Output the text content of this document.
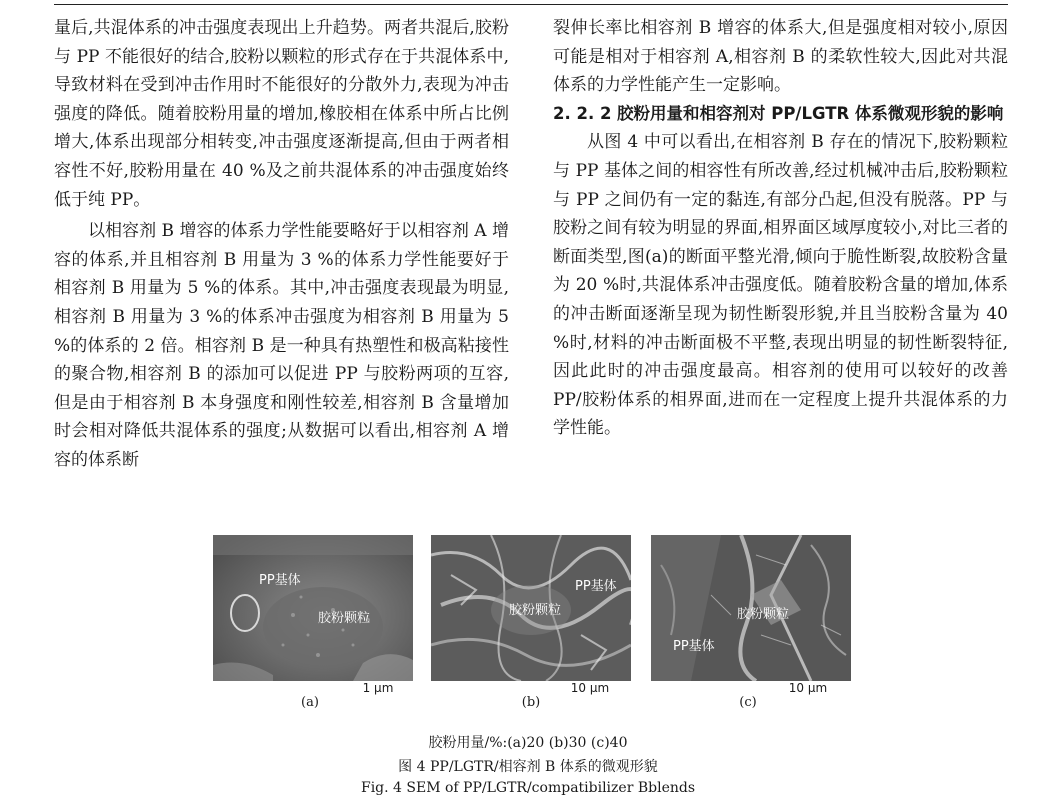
量后,共混体系的冲击强度表现出上升趋势。两者共混后,胶粉与 PP 不能很好的结合,胶粉以颗粒的形式存在于共混体系中,导致材料在受到冲击作用时不能很好的分散外力,表现为冲击强度的降低。随着胶粉用量的增加,橡胶相在体系中所占比例增大,体系出现部分相转变,冲击强度逐渐提高,但由于两者相容性不好,胶粉用量在 40 %及之前共混体系的冲击强度始终低于纯 PP。

以相容剂 B 增容的体系力学性能要略好于以相容剂 A 增容的体系,并且相容剂 B 用量为 3 %的体系力学性能要好于相容剂 B 用量为 5 %的体系。其中,冲击强度表现最为明显,相容剂 B 用量为 3 %的体系冲击强度为相容剂 B 用量为 5 %的体系的 2 倍。相容剂 B 是一种具有热塑性和极高粘接性的聚合物,相容剂 B 的添加可以促进 PP 与胶粉两项的互容,但是由于相容剂 B 本身强度和刚性较差,相容剂 B 含量增加时会相对降低共混体系的强度;从数据可以看出,相容剂 A 增容的体系断

裂伸长率比相容剂 B 增容的体系大,但是强度相对较小,原因可能是相对于相容剂 A,相容剂 B 的柔软性较大,因此对共混体系的力学性能产生一定影响。

2. 2. 2 胶粉用量和相容剂对 PP/LGTR 体系微观形貌的影响

从图 4 中可以看出,在相容剂 B 存在的情况下,胶粉颗粒与 PP 基体之间的相容性有所改善,经过机械冲击后,胶粉颗粒与 PP 之间仍有一定的黏连,有部分凸起,但没有脱落。PP 与胶粉之间有较为明显的界面,相界面区域厚度较小,对比三者的断面类型,图(a)的断面平整光滑,倾向于脆性断裂,故胶粉含量为 20 %时,共混体系冲击强度低。随着胶粉含量的增加,体系的冲击断面逐渐呈现为韧性断裂形貌,并且当胶粉含量为 40 %时,材料的冲击断面极不平整,表现出明显的韧性断裂特征,因此此时的冲击强度最高。相容剂的使用可以较好的改善 PP/胶粉体系的相界面,进而在一定程度上提升共混体系的力学性能。

PP基体
胶粉颗粒
1 μm
(a)
PP基体
胶粉颗粒
10 μm
(b)
胶粉颗粒
PP基体
10 μm
(c)
胶粉用量/%:(a)20 (b)30 (c)40
图 4 PP/LGTR/相容剂 B 体系的微观形貌
Fig. 4 SEM of PP/LGTR/compatibilizer Bblends
